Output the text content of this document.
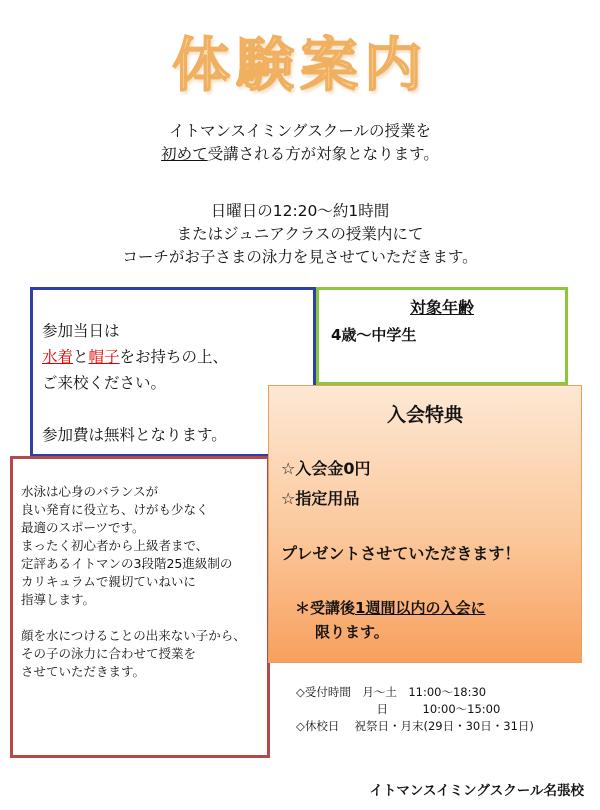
体験案内

イトマンスイミングスクールの授業を

初めて受講される方が対象となります。

日曜日の12:20～約1時間

またはジュニアクラスの授業内にて

コーチがお子さまの泳力を見させていただきます。

参加当日は
水着と帽子をお持ちの上、
ご来校ください。
参加費は無料となります。
対象年齢
4歳～中学生
水泳は心身のバランスが
良い発育に役立ち、けがも少なく
最適のスポーツです。
まったく初心者から上級者まで、
定評あるイトマンの3段階25進級制の
カリキュラムで親切ていねいに
指導します。
顔を水につけることの出来ない子から、
その子の泳力に合わせて授業を
させていただきます。
入会特典
☆入会金0円
☆指定用品
プレゼントさせていただきます！
＊受講後1週間以内の入会に
限ります。
◇受付時間　月～土　11:00～18:30
　　　　　　　日　　　10:00～15:00
◇休校日　 祝祭日・月末(29日・30日・31日)
イトマンスイミングスクール名張校
